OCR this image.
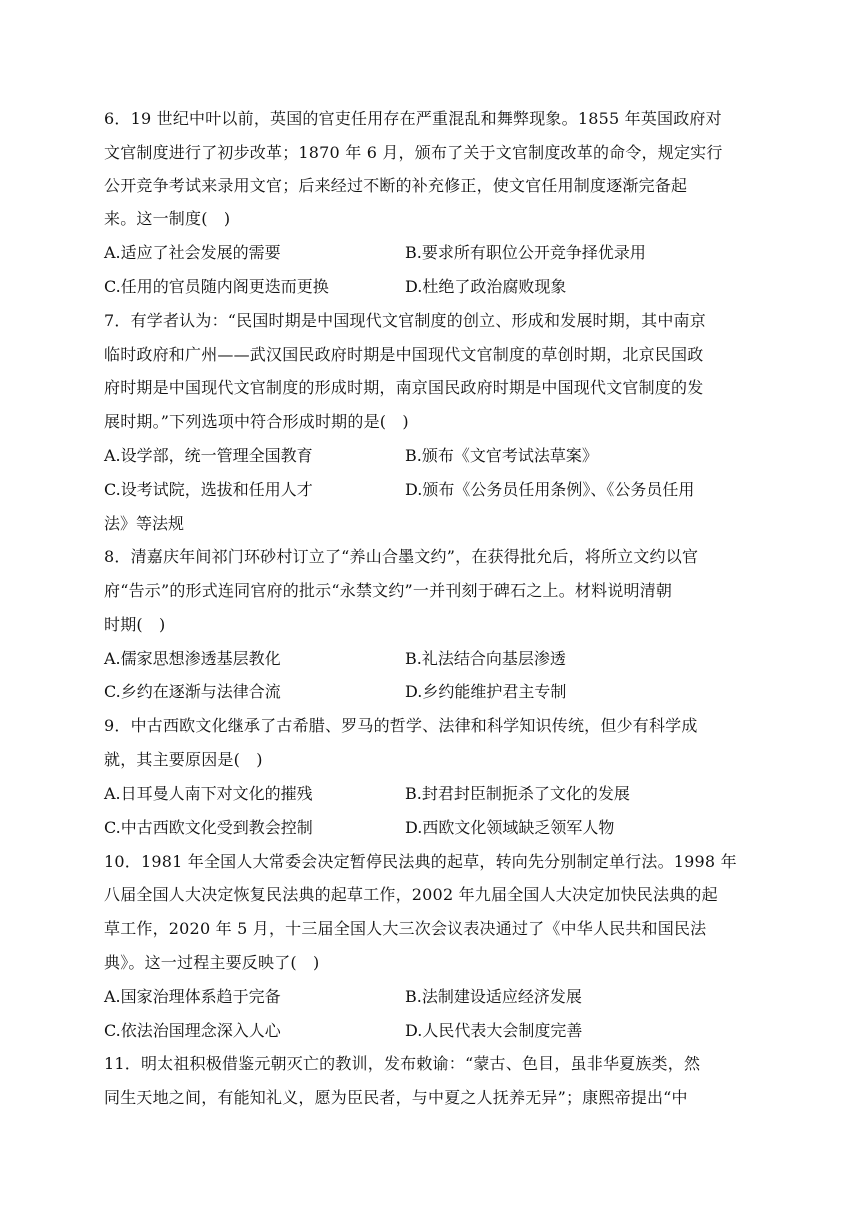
6．19 世纪中叶以前，英国的官吏任用存在严重混乱和舞弊现象。1855 年英国政府对
文官制度进行了初步改革；1870 年 6 月，颁布了关于文官制度改革的命令，规定实行
公开竞争考试来录用文官；后来经过不断的补充修正，使文官任用制度逐渐完备起
来。这一制度(　)
A.适应了社会发展的需要	B.要求所有职位公开竞争择优录用
C.任用的官员随内阁更迭而更换	D.杜绝了政治腐败现象
7．有学者认为：“民国时期是中国现代文官制度的创立、形成和发展时期，其中南京
临时政府和广州——武汉国民政府时期是中国现代文官制度的草创时期，北京民国政
府时期是中国现代文官制度的形成时期，南京国民政府时期是中国现代文官制度的发
展时期。”下列选项中符合形成时期的是(　)
A.设学部，统一管理全国教育	B.颁布《文官考试法草案》
C.设考试院，选拔和任用人才	D.颁布《公务员任用条例》、《公务员任用
法》等法规
8．清嘉庆年间祁门环砂村订立了“养山合墨文约”，在获得批允后，将所立文约以官
府“告示”的形式连同官府的批示“永禁文约”一并刊刻于碑石之上。材料说明清朝
时期(　)
A.儒家思想渗透基层教化	B.礼法结合向基层渗透
C.乡约在逐渐与法律合流	D.乡约能维护君主专制
9．中古西欧文化继承了古希腊、罗马的哲学、法律和科学知识传统，但少有科学成
就，其主要原因是(　)
A.日耳曼人南下对文化的摧残	B.封君封臣制扼杀了文化的发展
C.中古西欧文化受到教会控制	D.西欧文化领域缺乏领军人物
10．1981 年全国人大常委会决定暂停民法典的起草，转向先分别制定单行法。1998 年
八届全国人大决定恢复民法典的起草工作，2002 年九届全国人大决定加快民法典的起
草工作，2020 年 5 月，十三届全国人大三次会议表决通过了《中华人民共和国民法
典》。这一过程主要反映了(　)
A.国家治理体系趋于完备	B.法制建设适应经济发展
C.依法治国理念深入人心	D.人民代表大会制度完善
11．明太祖积极借鉴元朝灭亡的教训，发布敕谕：“蒙古、色目，虽非华夏族类，然
同生天地之间，有能知礼义，愿为臣民者，与中夏之人抚养无异”；康熙帝提出“中
